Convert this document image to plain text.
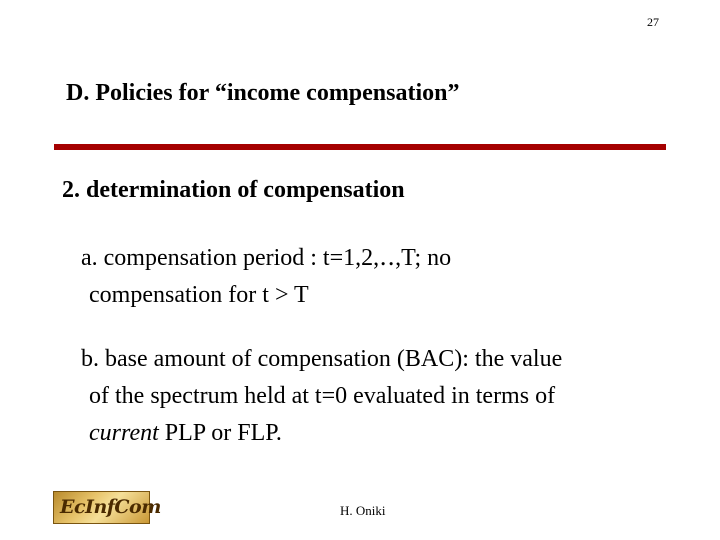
27
D. Policies for “income compensation”
2. determination of compensation
a. compensation period : t=1,2,‥,T; no
compensation for t > T
b. base amount of compensation (BAC): the value
of the spectrum held at t=0 evaluated in terms of
current PLP or FLP.
EcInfCom	H. Oniki
